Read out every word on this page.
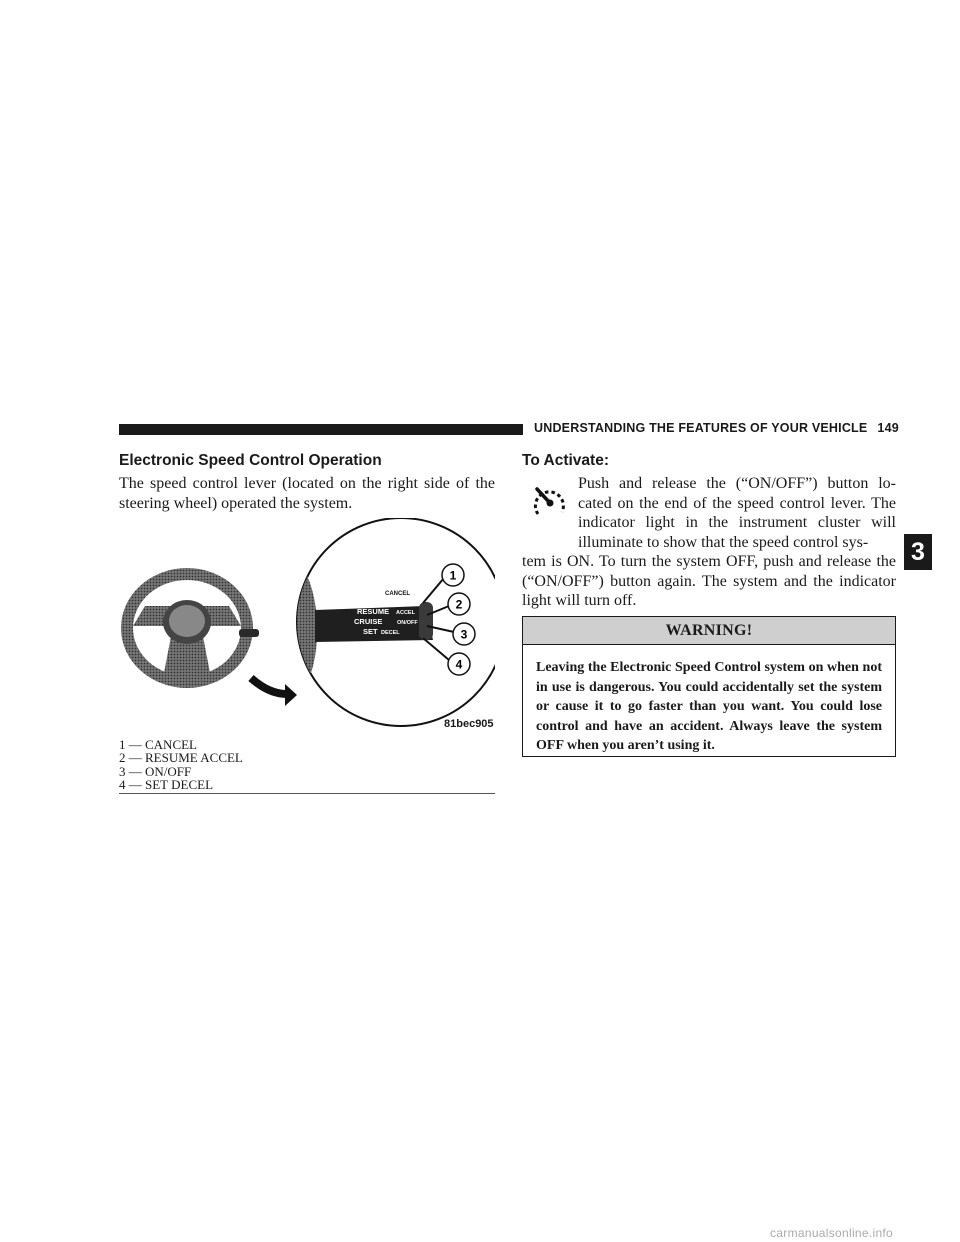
UNDERSTANDING THE FEATURES OF YOUR VEHICLE 149
3
Electronic Speed Control Operation
The speed control lever (located on the right side of the steering wheel) operated the system.
CANCEL
RESUME ACCEL
CRUISE	ON/OFF
SET DECEL
1
2
3
4
81bec905
1 — CANCEL
2 — RESUME ACCEL
3 — ON/OFF
4 — SET DECEL
To Activate:
Push and release the (“ON/OFF”) button lo- cated on the end of the speed control lever. The indicator light in the instrument cluster will illuminate to show that the speed control sys-
tem is ON. To turn the system OFF, push and release the (“ON/OFF”) button again. The system and the indicator light will turn off.
WARNING!
Leaving the Electronic Speed Control system on when not in use is dangerous. You could accidentally set the system or cause it to go faster than you want. You could lose control and have an accident. Always leave the system OFF when you aren’t using it.
carmanualsonline.info
